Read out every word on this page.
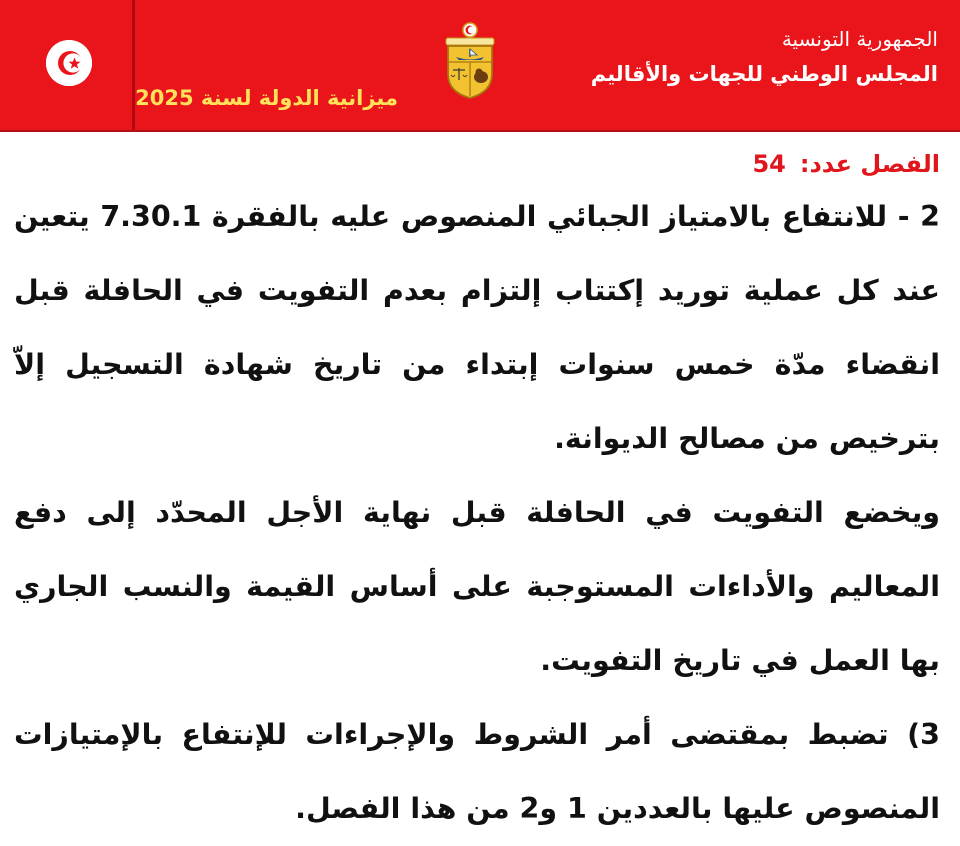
ميزانية الدولة لسنة 2025
الجمهورية التونسية
المجلس الوطني للجهات والأقاليم
الفصل عدد:54

2 - للانتفاع بالامتياز الجبائي المنصوص عليه بالفقرة 7.30.1 يتعين عند كل عملية توريد إكتتاب إلتزام بعدم التفويت في الحافلة قبل انقضاء مدّة خمس سنوات إبتداء من تاريخ شهادة التسجيل إلاّ بترخيص من مصالح الديوانة.

ويخضع التفويت في الحافلة قبل نهاية الأجل المحدّد إلى دفع المعاليم والأداءات المستوجبة على أساس القيمة والنسب الجاري بها العمل في تاريخ التفويت.

3) تضبط بمقتضى أمر الشروط والإجراءات للإنتفاع بالإمتيازات المنصوص عليها بالعددين 1 و2 من هذا الفصل.
